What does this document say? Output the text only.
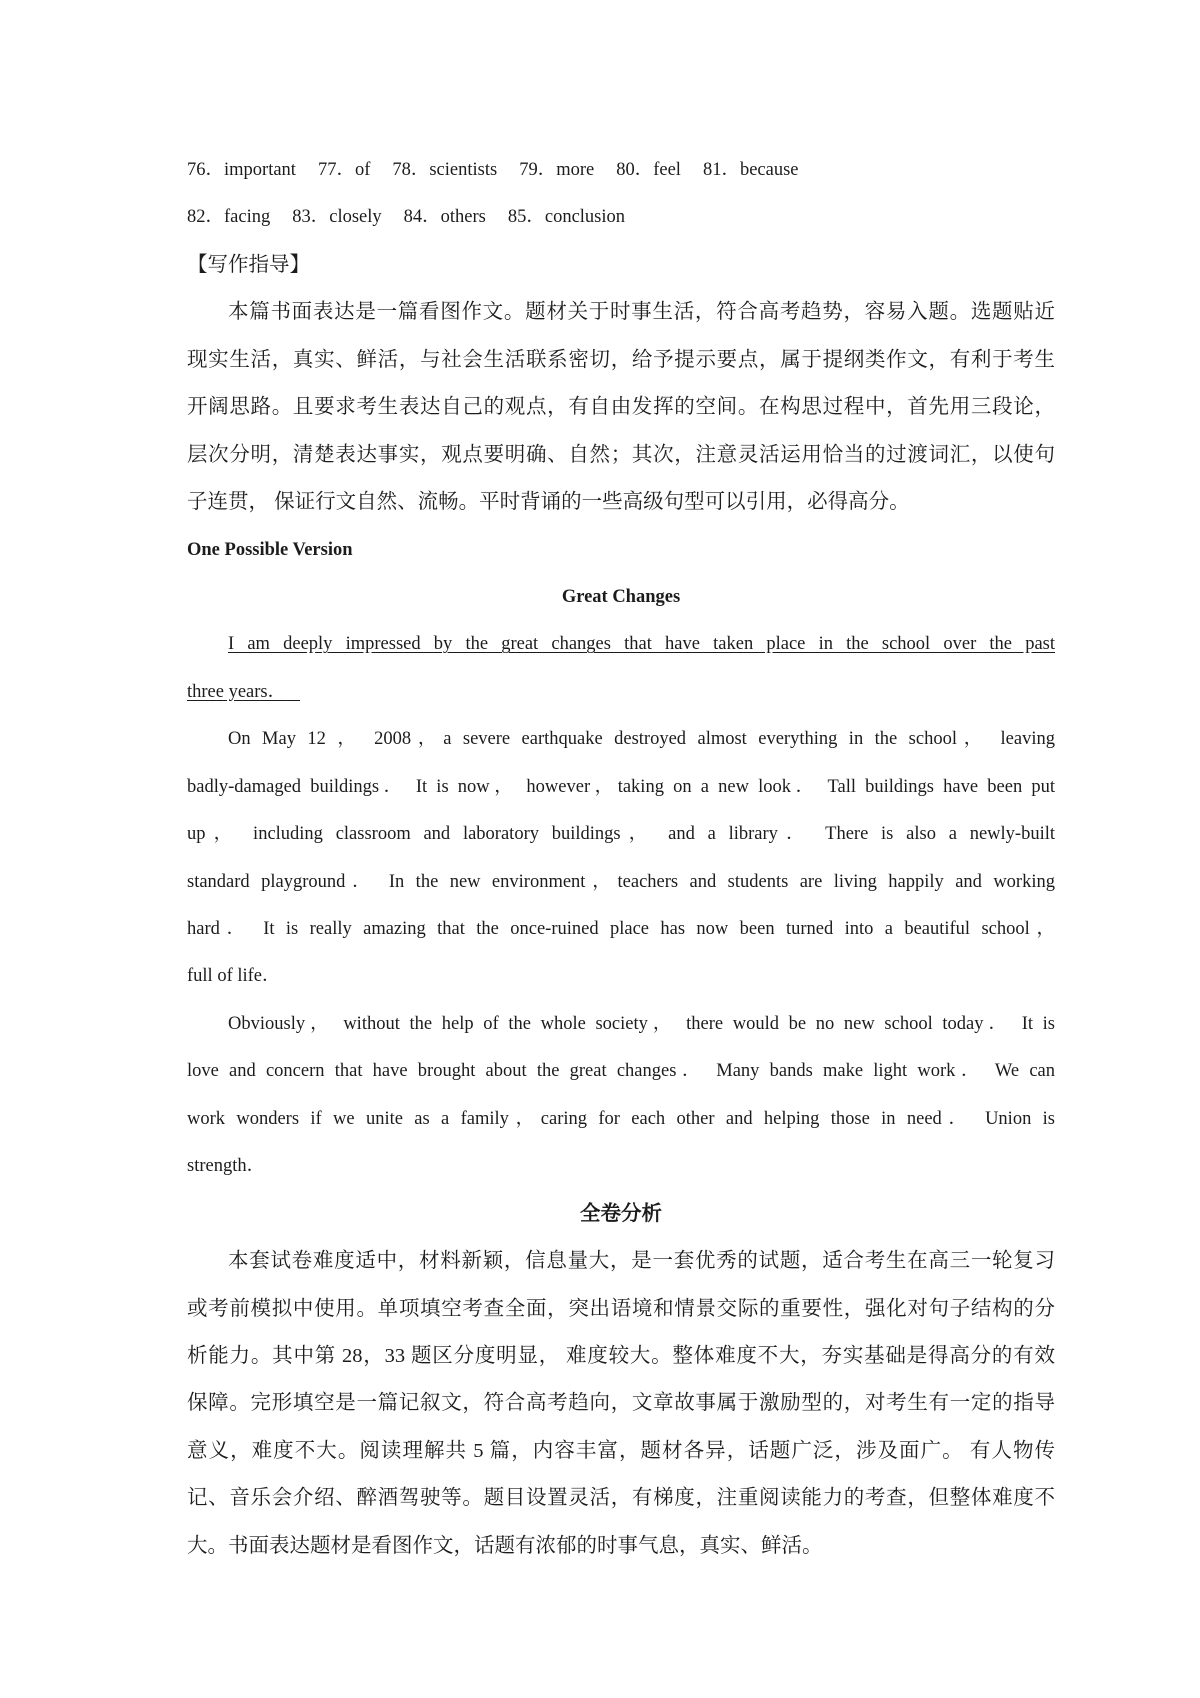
76．important 77．of 78．scientists 79．more 80．feel 81．because
82．facing 83．closely 84．others 85．conclusion
【写作指导】
本篇书面表达是一篇看图作文。题材关于时事生活，符合高考趋势，容易入题。选题贴近
现实生活，真实、鲜活，与社会生活联系密切，给予提示要点，属于提纲类作文，有利于考生
开阔思路。且要求考生表达自己的观点，有自由发挥的空间。在构思过程中，首先用三段论，
层次分明，清楚表达事实，观点要明确、自然；其次，注意灵活运用恰当的过渡词汇，以使句
子连贯， 保证行文自然、流畅。平时背诵的一些高级句型可以引用，必得高分。
One Possible Version
Great Changes
I am deeply impressed by the great changes that have taken place in the school over the past
three years．
On May 12 ， 2008，a severe earthquake destroyed almost everything in the school， leaving
badly-damaged buildings． It is now， however，taking on a new look． Tall buildings have been put
up， including classroom and laboratory buildings， and a library． There is also a newly-built
standard playground． In the new environment，teachers and students are living happily and working
hard． It is really amazing that the once-ruined place has now been turned into a beautiful school，
full of life．
Obviously， without the help of the whole society， there would be no new school today． It is
love and concern that have brought about the great changes． Many bands make light work． We can
work wonders if we unite as a family，caring for each other and helping those in need． Union is
strength．
全卷分析
本套试卷难度适中，材料新颖，信息量大，是一套优秀的试题，适合考生在高三一轮复习
或考前模拟中使用。单项填空考查全面，突出语境和情景交际的重要性，强化对句子结构的分
析能力。其中第 28，33 题区分度明显， 难度较大。整体难度不大，夯实基础是得高分的有效
保障。完形填空是一篇记叙文，符合高考趋向，文章故事属于激励型的，对考生有一定的指导
意义，难度不大。阅读理解共 5 篇，内容丰富，题材各异，话题广泛，涉及面广。 有人物传
记、音乐会介绍、醉酒驾驶等。题目设置灵活，有梯度，注重阅读能力的考查，但整体难度不
大。书面表达题材是看图作文，话题有浓郁的时事气息，真实、鲜活。
